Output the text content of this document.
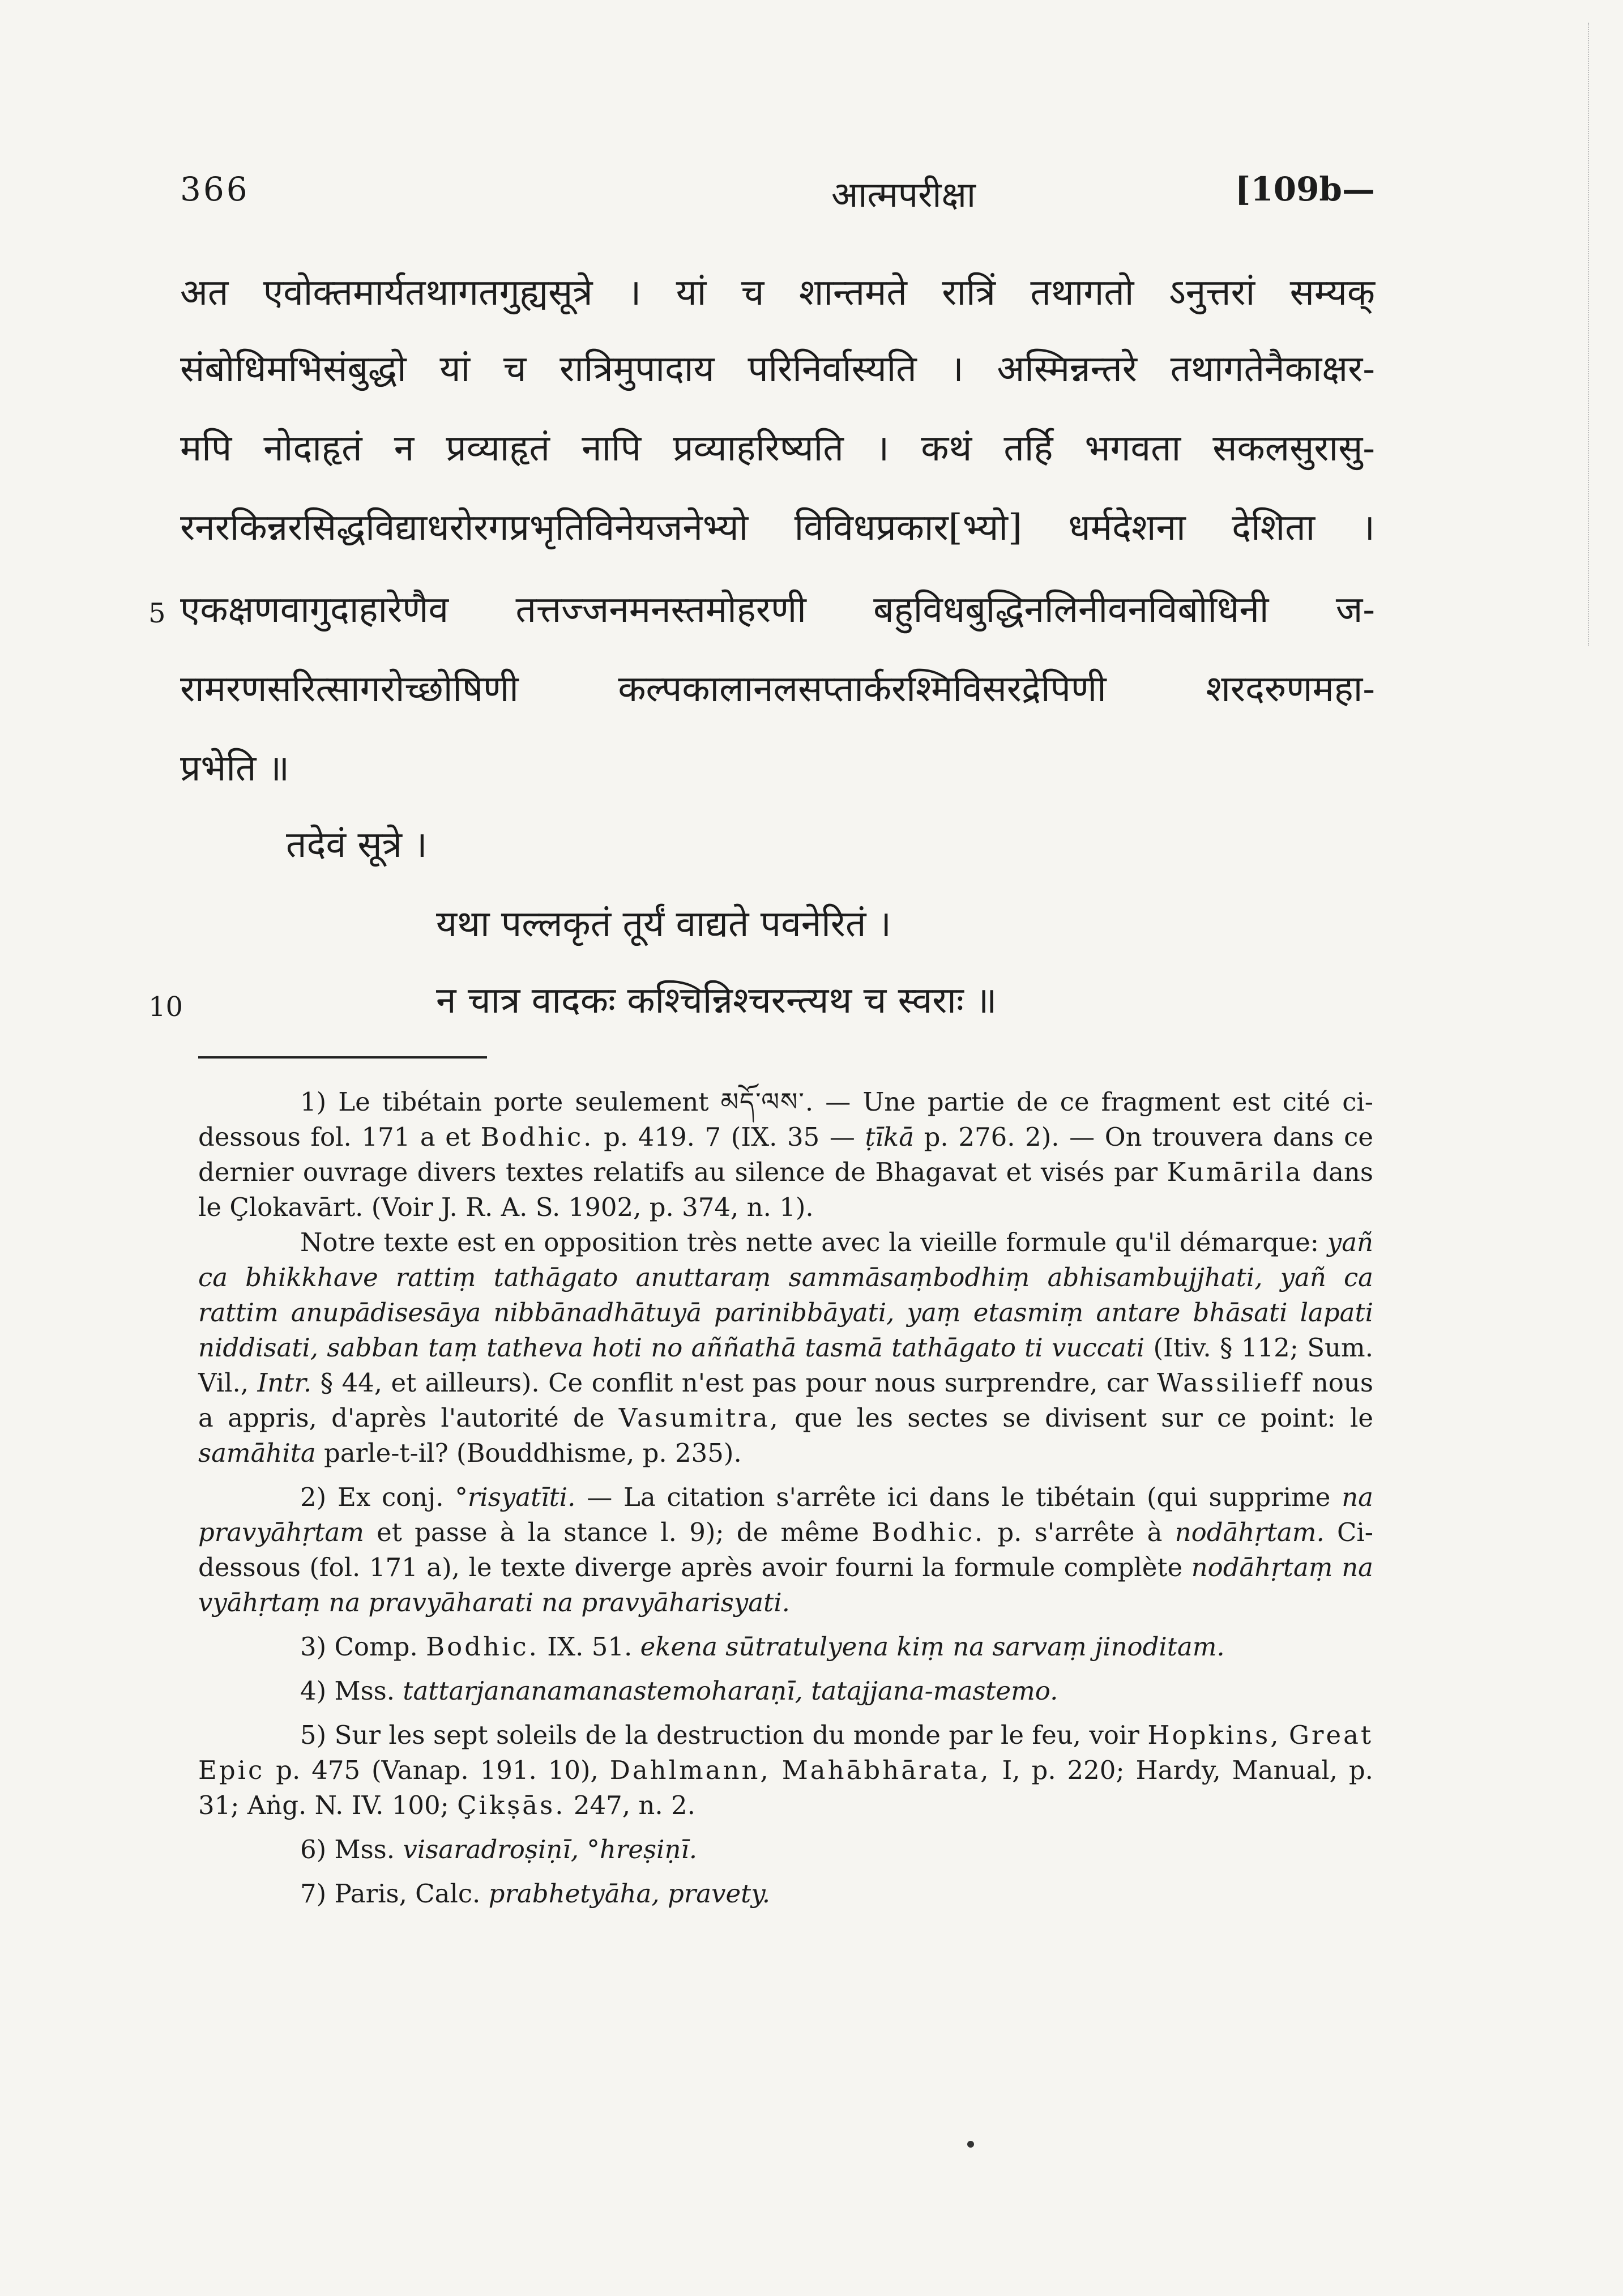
366	आत्मपरीक्षा	[109b—
अत एवोक्तमार्यतथागतगुह्यसूत्रे । यां च शान्तमते रात्रिं तथागतो ऽनुत्तरां सम्यक्
संबोधिमभिसंबुद्धो यां च रात्रिमुपादाय परिनिर्वास्यति । अस्मिन्नन्तरे तथागतेनैकाक्षर-
मपि नोदाहृतं न प्रव्याहृतं नापि प्रव्याहरिष्यति । कथं तर्हि भगवता सकलसुरासु-
रनरकिन्नरसिद्धविद्याधरोरगप्रभृतिविनेयजनेभ्यो विविधप्रकार[भ्यो] धर्मदेशना देशिता ।
5 एकक्षणवागुदाहारेणैव तत्तज्जनमनस्तमोहरणी बहुविधबुद्धिनलिनीवनविबोधिनी ज-
रामरणसरित्सागरोच्छोषिणी कल्पकालानलसप्तार्करश्मिविसरद्रेपिणी शरदरुणमहा-
प्रभेति ॥
तदेवं सूत्रे ।
यथा पल्लकृतं तूर्यं वाद्यते पवनेरितं ।
10	न चात्र वादकः कश्चिन्निश्चरन्त्यथ च स्वराः ॥

1) Le tibétain porte seulement མདོ་ལས་. — Une partie de ce fragment est cité ci-dessous fol. 171 a et Bodhic. p. 419. 7 (IX. 35 — ṭīkā p. 276. 2). — On trouvera dans ce dernier ouvrage divers textes relatifs au silence de Bhagavat et visés par Kumārila dans le Çlokavārt. (Voir J. R. A. S. 1902, p. 374, n. 1).

Notre texte est en opposition très nette avec la vieille formule qu'il démarque: yañ ca bhikkhave rattiṃ tathāgato anuttaraṃ sammāsaṃbodhiṃ abhisambujjhati, yañ ca rattim anupādisesāya nibbānadhātuyā parinibbāyati, yaṃ etasmiṃ antare bhāsati lapati niddisati, sabban taṃ tatheva hoti no aññathā tasmā tathāgato ti vuccati (Itiv. § 112; Sum. Vil., Intr. § 44, et ailleurs). Ce conflit n'est pas pour nous surprendre, car Wassilieff nous a appris, d'après l'autorité de Vasumitra, que les sectes se divisent sur ce point: le samāhita parle-t-il? (Bouddhisme, p. 235).

2) Ex conj. °risyatīti. — La citation s'arrête ici dans le tibétain (qui supprime na pravyāhṛtam et passe à la stance l. 9); de même Bodhic. p. s'arrête à nodāhṛtam. Ci-dessous (fol. 171 a), le texte diverge après avoir fourni la formule complète nodāhṛtaṃ na vyāhṛtaṃ na pravyāharati na pravyāharisyati.

3) Comp. Bodhic. IX. 51. ekena sūtratulyena kiṃ na sarvaṃ jinoditam.

4) Mss. tattarjananamanastemoharaṇī, tatajjana-mastemo.

5) Sur les sept soleils de la destruction du monde par le feu, voir Hopkins, Great Epic p. 475 (Vanap. 191. 10), Dahlmann, Mahābhārata, I, p. 220; Hardy, Manual, p. 31; Aṅg. N. IV. 100; Çikṣās. 247, n. 2.

6) Mss. visaradroṣiṇī, °hreṣiṇī.

7) Paris, Calc. prabhetyāha, pravety.
